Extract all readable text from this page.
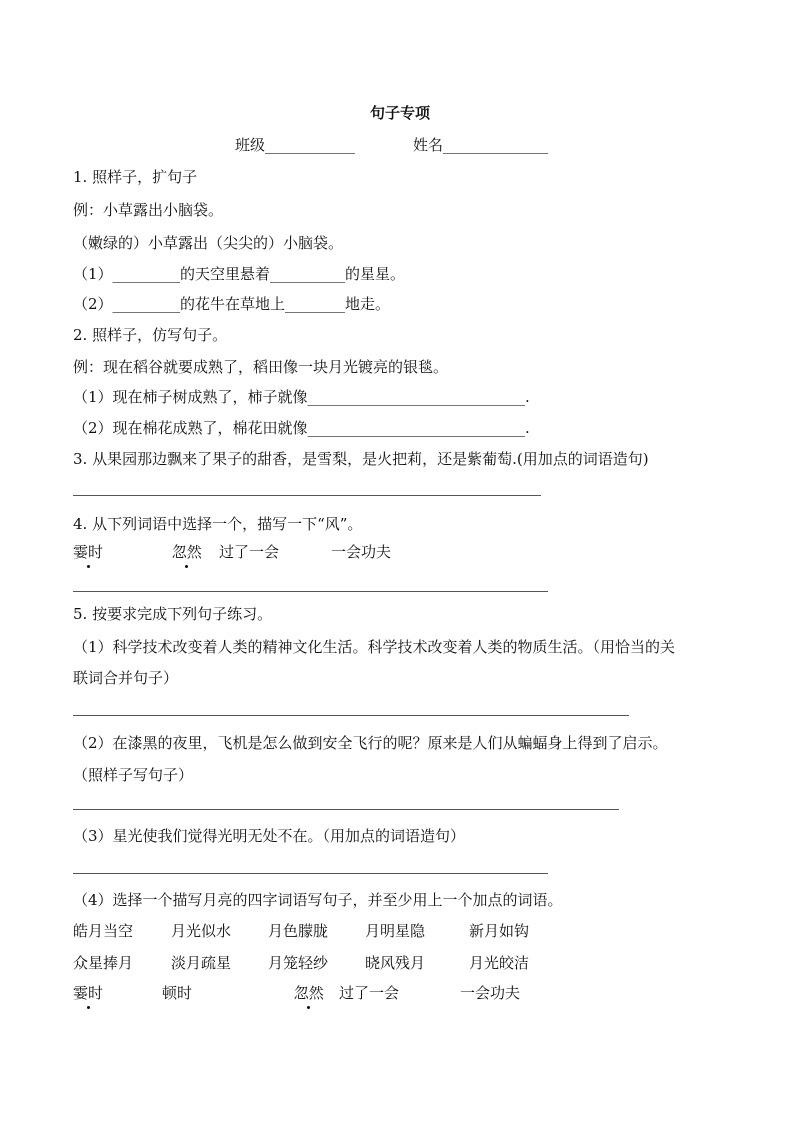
句子专项
班级____________	姓名______________
1. 照样子，扩句子
例：小草露出小脑袋。
（嫩绿的）小草露出（尖尖的）小脑袋。
（1）_________的天空里悬着__________的星星。
（2）_________的花牛在草地上________地走。
2. 照样子，仿写句子。
例：现在稻谷就要成熟了，稻田像一块月光镀亮的银毯。
（1）现在柿子树成熟了，柿子就像_____________________________.
（2）现在棉花成熟了，棉花田就像_____________________________.
3. 从果园那边飘来了果子的甜香，是雪梨，是火把莉，还是紫葡萄.(用加点的词语造句)
4. 从下列词语中选择一个，描写一下“风”。
霎时	忽然 过了一会	一会功夫
5. 按要求完成下列句子练习。
（1）科学技术改变着人类的精神文化生活。科学技术改变着人类的物质生活。（用恰当的关
联词合并句子）
（2）在漆黑的夜里，飞机是怎么做到安全飞行的呢？原来是人们从蝙蝠身上得到了启示。
（照样子写句子）
（3）星光使我们觉得光明无处不在。（用加点的词语造句）
（4）选择一个描写月亮的四字词语写句子，并至少用上一个加点的词语。
皓月当空	月光似水 月色朦胧 月明星隐	新月如钩
众星捧月	淡月疏星 月笼轻纱 晓风残月	月光皎洁
霎时	顿时	忽然 过了一会	一会功夫
